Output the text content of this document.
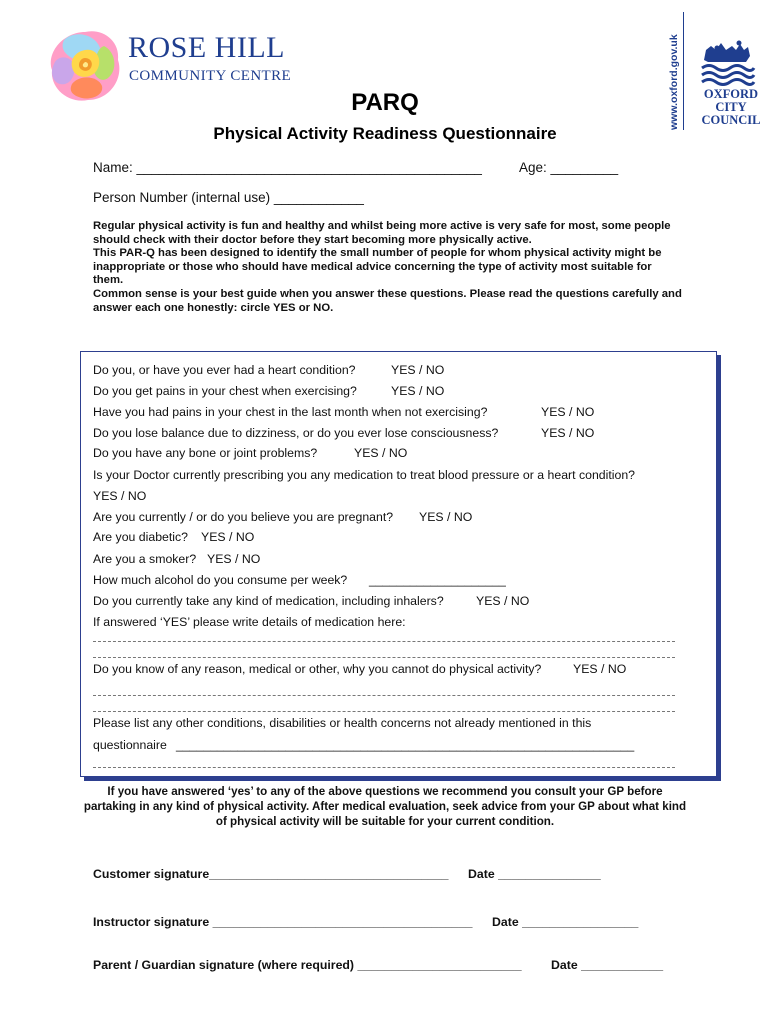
ROSE HILL
COMMUNITY CENTRE	www.oxford.gov.uk	OXFORD
CITY
COUNCIL
PARQ
Physical Activity Readiness Questionnaire
Name: ______________________________________________	Age: _________
Person Number (internal use) ____________

Regular physical activity is fun and healthy and whilst being more active is very safe for most, some people should check with their doctor before they start becoming more physically active.

This PAR-Q has been designed to identify the small number of people for whom physical activity might be inappropriate or those who should have medical advice concerning the type of activity most suitable for them.

Common sense is your best guide when you answer these questions. Please read the questions carefully and answer each one honestly: circle YES or NO.

Do you, or have you ever had a heart condition?	YES / NO
Do you get pains in your chest when exercising?	YES / NO
Have you had pains in your chest in the last month when not exercising?	YES / NO
Do you lose balance due to dizziness, or do you ever lose consciousness?	YES / NO
Do you have any bone or joint problems?	YES / NO
Is your Doctor currently prescribing you any medication to treat blood pressure or a heart condition?
YES / NO
Are you currently / or do you believe you are pregnant? YES / NO
Are you diabetic? YES / NO
Are you a smoker? YES / NO
How much alcohol do you consume per week? ____________________
Do you currently take any kind of medication, including inhalers?	YES / NO
If answered ‘YES’ please write details of medication here:
Do you know of any reason, medical or other, why you cannot do physical activity?	YES / NO
Please list any other conditions, disabilities or health concerns not already mentioned in this
questionnaire ___________________________________________________________________
If you have answered ‘yes’ to any of the above questions we recommend you consult your GP before partaking in any kind of physical activity. After medical evaluation, seek advice from your GP about what kind of physical activity will be suitable for your current condition.
Customer signature___________________________________ Date _______________
Instructor signature ______________________________________ Date _________________
Parent / Guardian signature (where required) ________________________ Date ____________
